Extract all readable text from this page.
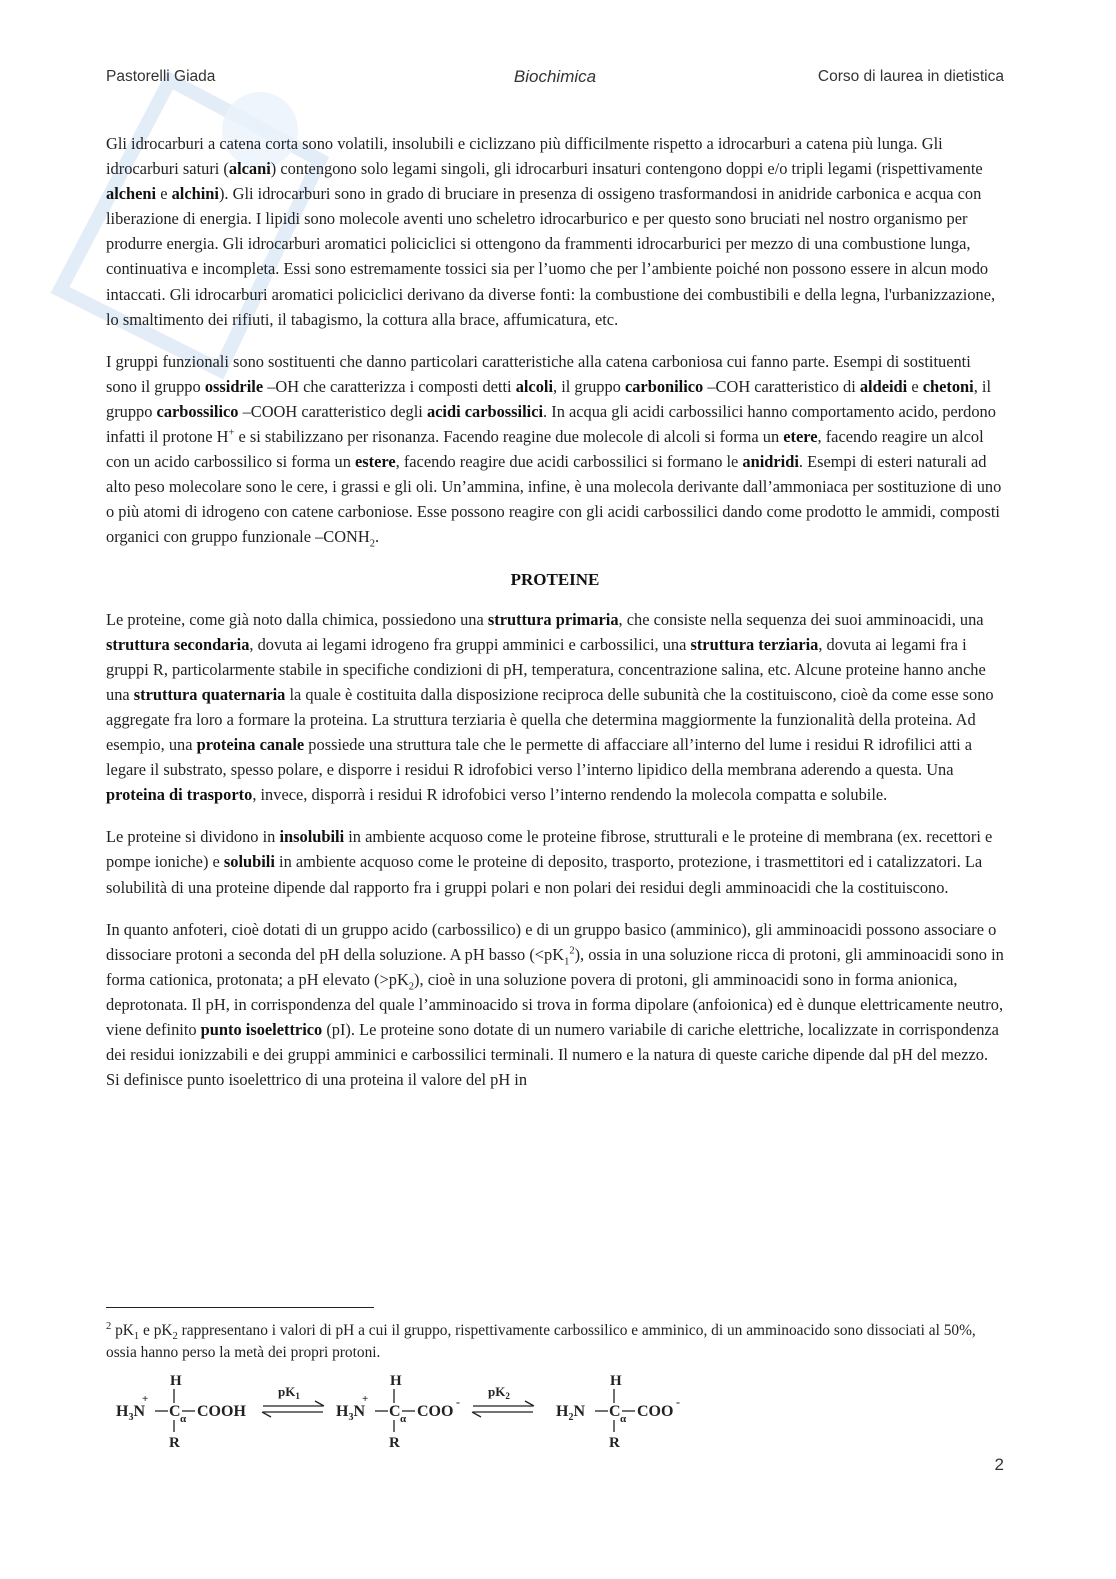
Pastorelli Giada	Biochimica	Corso di laurea in dietistica

Gli idrocarburi a catena corta sono volatili, insolubili e ciclizzano più difficilmente rispetto a idrocarburi a catena più lunga. Gli idrocarburi saturi (alcani) contengono solo legami singoli, gli idrocarburi insaturi contengono doppi e/o tripli legami (rispettivamente alcheni e alchini). Gli idrocarburi sono in grado di bruciare in presenza di ossigeno trasformandosi in anidride carbonica e acqua con liberazione di energia. I lipidi sono molecole aventi uno scheletro idrocarburico e per questo sono bruciati nel nostro organismo per produrre energia. Gli idrocarburi aromatici policiclici si ottengono da frammenti idrocarburici per mezzo di una combustione lunga, continuativa e incompleta. Essi sono estremamente tossici sia per l’uomo che per l’ambiente poiché non possono essere in alcun modo intaccati. Gli idrocarburi aromatici policiclici derivano da diverse fonti: la combustione dei combustibili e della legna, l'urbanizzazione, lo smaltimento dei rifiuti, il tabagismo, la cottura alla brace, affumicatura, etc.

I gruppi funzionali sono sostituenti che danno particolari caratteristiche alla catena carboniosa cui fanno parte. Esempi di sostituenti sono il gruppo ossidrile –OH che caratterizza i composti detti alcoli, il gruppo carbonilico –COH caratteristico di aldeidi e chetoni, il gruppo carbossilico –COOH caratteristico degli acidi carbossilici. In acqua gli acidi carbossilici hanno comportamento acido, perdono infatti il protone H+ e si stabilizzano per risonanza. Facendo reagine due molecole di alcoli si forma un etere, facendo reagire un alcol con un acido carbossilico si forma un estere, facendo reagire due acidi carbossilici si formano le anidridi. Esempi di esteri naturali ad alto peso molecolare sono le cere, i grassi e gli oli. Un’ammina, infine, è una molecola derivante dall’ammoniaca per sostituzione di uno o più atomi di idrogeno con catene carboniose. Esse possono reagire con gli acidi carbossilici dando come prodotto le ammidi, composti organici con gruppo funzionale $-CONH_2$.

PROTEINE

Le proteine, come già noto dalla chimica, possiedono una struttura primaria, che consiste nella sequenza dei suoi amminoacidi, una struttura secondaria, dovuta ai legami idrogeno fra gruppi amminici e carbossilici, una struttura terziaria, dovuta ai legami fra i gruppi R, particolarmente stabile in specifiche condizioni di pH, temperatura, concentrazione salina, etc. Alcune proteine hanno anche una struttura quaternaria la quale è costituita dalla disposizione reciproca delle subunità che la costituiscono, cioè da come esse sono aggregate fra loro a formare la proteina. La struttura terziaria è quella che determina maggiormente la funzionalità della proteina. Ad esempio, una proteina canale possiede una struttura tale che le permette di affacciare all’interno del lume i residui R idrofilici atti a legare il substrato, spesso polare, e disporre i residui R idrofobici verso l’interno lipidico della membrana aderendo a questa. Una proteina di trasporto, invece, disporrà i residui R idrofobici verso l’interno rendendo la molecola compatta e solubile.

Le proteine si dividono in insolubili in ambiente acquoso come le proteine fibrose, strutturali e le proteine di membrana (ex. recettori e pompe ioniche) e solubili in ambiente acquoso come le proteine di deposito, trasporto, protezione, i trasmettitori ed i catalizzatori. La solubilità di una proteine dipende dal rapporto fra i gruppi polari e non polari dei residui degli amminoacidi che la costituiscono.

In quanto anfoteri, cioè dotati di un gruppo acido (carbossilico) e di un gruppo basico (amminico), gli amminoacidi possono associare o dissociare protoni a seconda del pH della soluzione. A pH basso $(<pK_1^2)$, ossia in una soluzione ricca di protoni, gli amminoacidi sono in forma cationica, protonata; a pH elevato $(>pK_2)$, cioè in una soluzione povera di protoni, gli amminoacidi sono in forma anionica, deprotonata. Il pH, in corrispondenza del quale l’amminoacido si trova in forma dipolare (anfoionica) ed è dunque elettricamente neutro, viene definito punto isoelettrico (pI). Le proteine sono dotate di un numero variabile di cariche elettriche, localizzate in corrispondenza dei residui ionizzabili e dei gruppi amminici e carbossilici terminali. Il numero e la natura di queste cariche dipende dal pH del mezzo. Si definisce punto isoelettrico di una proteina il valore del pH in

$^2$ $pK_1$ e $pK_2$ rappresentano i valori di pH a cui il gruppo, rispettivamente carbossilico e amminico, di un amminoacido sono dissociati al 50%, ossia hanno perso la metà dei propri protoni.
H
$H_3N$
+
C α COOH
R
$pK_1$
H
$H_3N$
+
C α COO
-
R
$pK_2$
H
$H_2N$ C α COO
-
R
2
